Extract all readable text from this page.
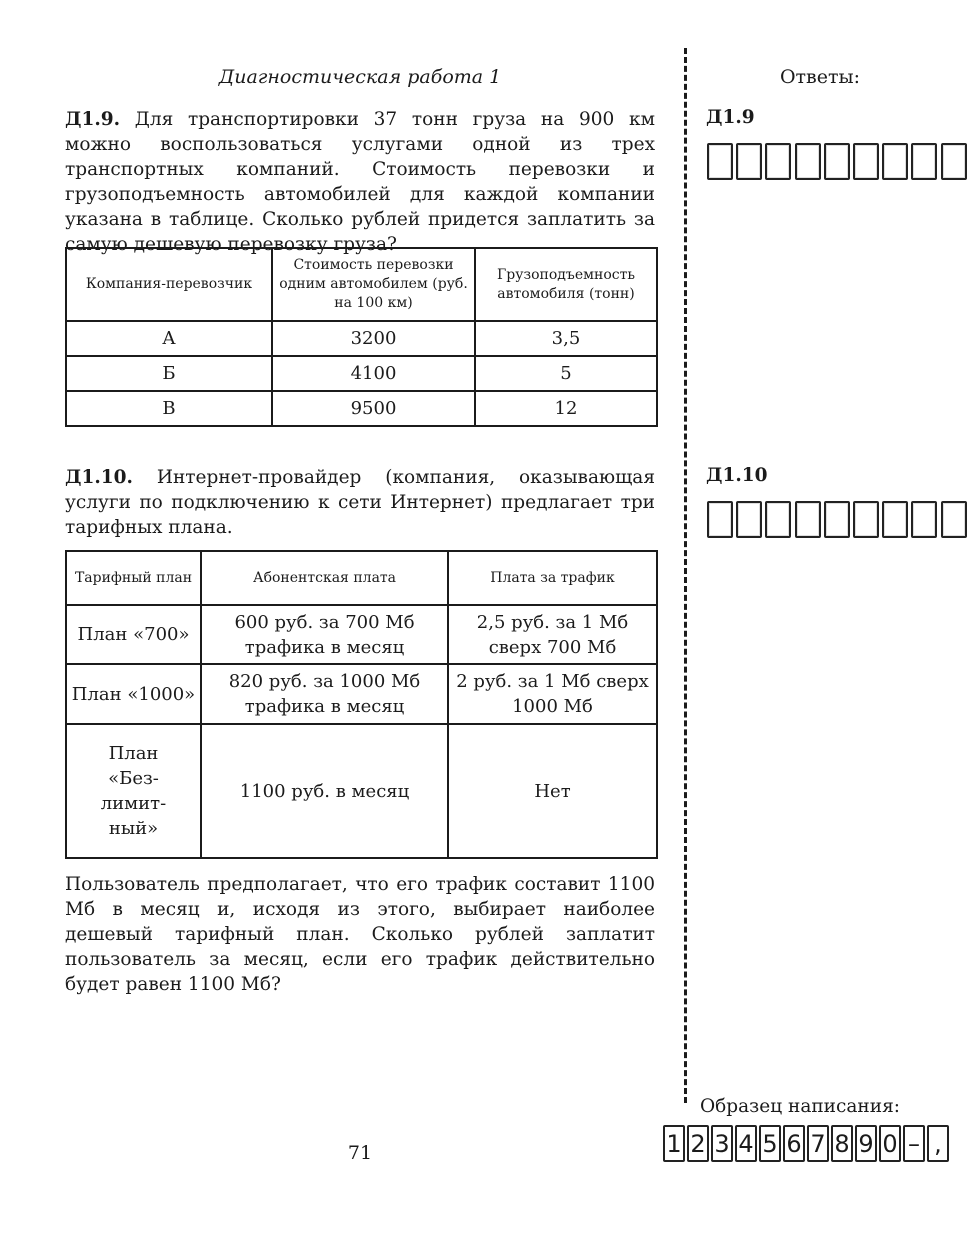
Диагностическая работа 1	Ответы:
Д1.9. Для транспортировки 37 тонн груза на 900 км можно воспользоваться услугами одной из трех транспортных компаний. Стоимость перевозки и грузоподъемность автомобилей для каждой компании указана в таблице. Сколько рублей придется заплатить за самую дешевую перевозку груза?
Компания-перевозчик	Стоимость перевозки одним автомобилем (руб. на 100 км)	Грузоподъемность автомобиля (тонн)
А	3200	3,5
Б	4100	5
В	9500	12
Д1.10. Интернет-провайдер (компания, оказывающая услуги по подключению к сети Интернет) предлагает три тарифных плана.
Тарифный план	Абонентская плата	Плата за трафик
План «700»	600 руб. за 700 Мб трафика в месяц	2,5 руб. за 1 Мб сверх 700 Мб
План «1000»	820 руб. за 1000 Мб трафика в месяц	2 руб. за 1 Мб сверх 1000 Мб
План «Без-лимит-ный»	1100 руб. в месяц	Нет
Пользователь предполагает, что его трафик составит 1100 Мб в месяц и, исходя из этого, выбирает наиболее дешевый тарифный план. Сколько рублей заплатит пользователь за месяц, если его трафик действительно будет равен 1100 Мб?
Д1.9
Д1.10
Образец написания:
1 2 3 4 5 6 7 8 9 0 – ,
71
